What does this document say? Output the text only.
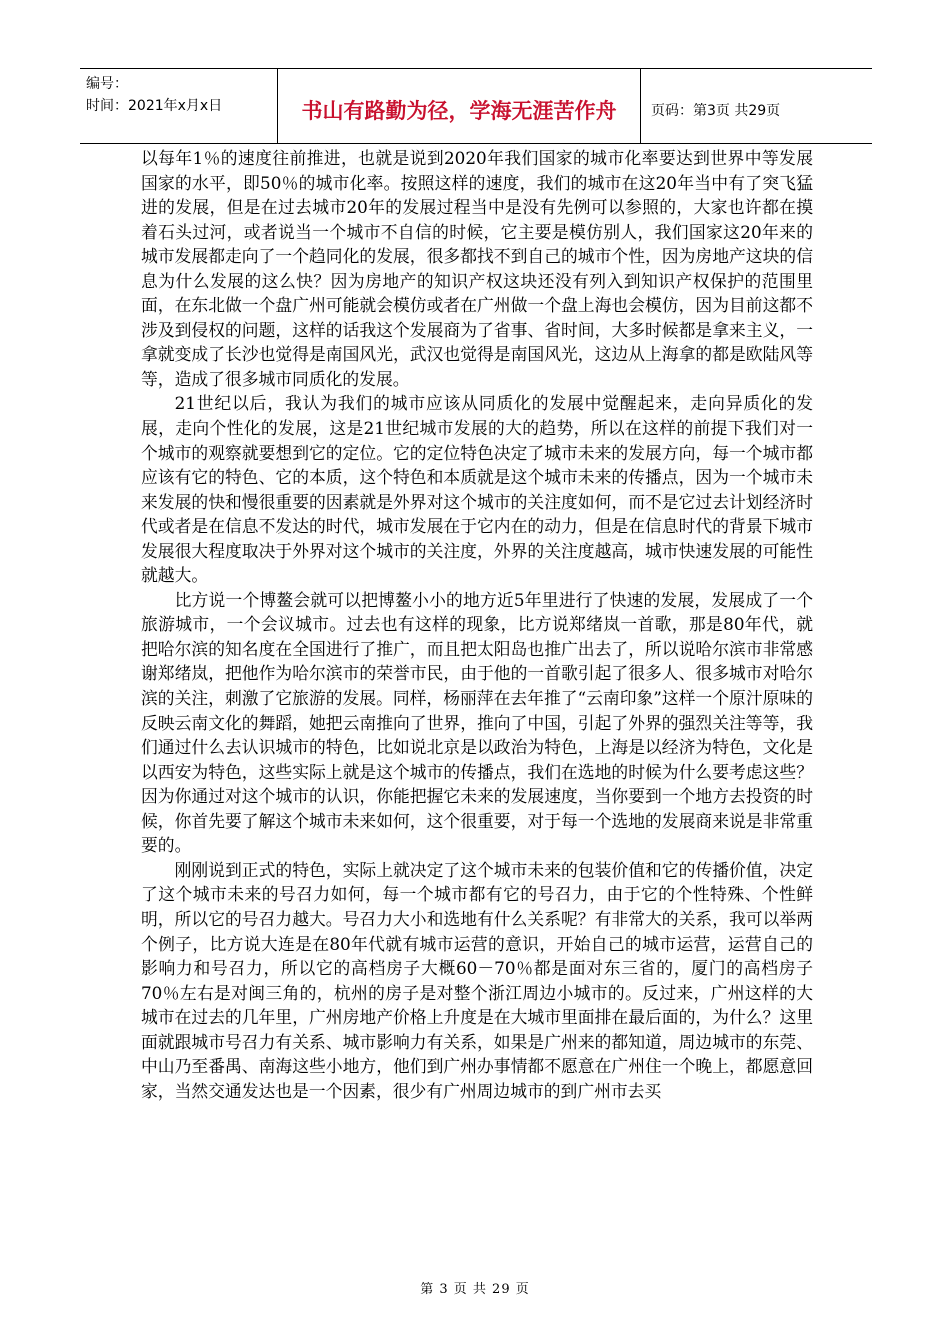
编号：
时间：2021年x月x日	书山有路勤为径，学海无涯苦作舟	页码：第3页 共29页

以每年1％的速度往前推进，也就是说到2020年我们国家的城市化率要达到世界中等发展国家的水平，即50％的城市化率。按照这样的速度，我们的城市在这20年当中有了突飞猛进的发展，但是在过去城市20年的发展过程当中是没有先例可以参照的，大家也许都在摸着石头过河，或者说当一个城市不自信的时候，它主要是模仿别人，我们国家这20年来的城市发展都走向了一个趋同化的发展，很多都找不到自己的城市个性，因为房地产这块的信息为什么发展的这么快？因为房地产的知识产权这块还没有列入到知识产权保护的范围里面，在东北做一个盘广州可能就会模仿或者在广州做一个盘上海也会模仿，因为目前这都不涉及到侵权的问题，这样的话我这个发展商为了省事、省时间，大多时候都是拿来主义，一拿就变成了长沙也觉得是南国风光，武汉也觉得是南国风光，这边从上海拿的都是欧陆风等等，造成了很多城市同质化的发展。

21世纪以后，我认为我们的城市应该从同质化的发展中觉醒起来，走向异质化的发展，走向个性化的发展，这是21世纪城市发展的大的趋势，所以在这样的前提下我们对一个城市的观察就要想到它的定位。它的定位特色决定了城市未来的发展方向，每一个城市都应该有它的特色、它的本质，这个特色和本质就是这个城市未来的传播点，因为一个城市未来发展的快和慢很重要的因素就是外界对这个城市的关注度如何，而不是它过去计划经济时代或者是在信息不发达的时代，城市发展在于它内在的动力，但是在信息时代的背景下城市发展很大程度取决于外界对这个城市的关注度，外界的关注度越高，城市快速发展的可能性就越大。

比方说一个博鳌会就可以把博鳌小小的地方近5年里进行了快速的发展，发展成了一个旅游城市，一个会议城市。过去也有这样的现象，比方说郑绪岚一首歌，那是80年代，就把哈尔滨的知名度在全国进行了推广，而且把太阳岛也推广出去了，所以说哈尔滨市非常感谢郑绪岚，把他作为哈尔滨市的荣誉市民，由于他的一首歌引起了很多人、很多城市对哈尔滨的关注，刺激了它旅游的发展。同样，杨丽萍在去年推了“云南印象”这样一个原汁原味的反映云南文化的舞蹈，她把云南推向了世界，推向了中国，引起了外界的强烈关注等等，我们通过什么去认识城市的特色，比如说北京是以政治为特色，上海是以经济为特色，文化是以西安为特色，这些实际上就是这个城市的传播点，我们在选地的时候为什么要考虑这些？因为你通过对这个城市的认识，你能把握它未来的发展速度，当你要到一个地方去投资的时候，你首先要了解这个城市未来如何，这个很重要，对于每一个选地的发展商来说是非常重要的。

刚刚说到正式的特色，实际上就决定了这个城市未来的包装价值和它的传播价值，决定了这个城市未来的号召力如何，每一个城市都有它的号召力，由于它的个性特殊、个性鲜明，所以它的号召力越大。号召力大小和选地有什么关系呢？有非常大的关系，我可以举两个例子，比方说大连是在80年代就有城市运营的意识，开始自己的城市运营，运营自己的影响力和号召力，所以它的高档房子大概60－70％都是面对东三省的，厦门的高档房子70％左右是对闽三角的，杭州的房子是对整个浙江周边小城市的。反过来，广州这样的大城市在过去的几年里，广州房地产价格上升度是在大城市里面排在最后面的，为什么？这里面就跟城市号召力有关系、城市影响力有关系，如果是广州来的都知道，周边城市的东莞、中山乃至番禺、南海这些小地方，他们到广州办事情都不愿意在广州住一个晚上，都愿意回家，当然交通发达也是一个因素，很少有广州周边城市的到广州市去买

第 3 页 共 29 页
